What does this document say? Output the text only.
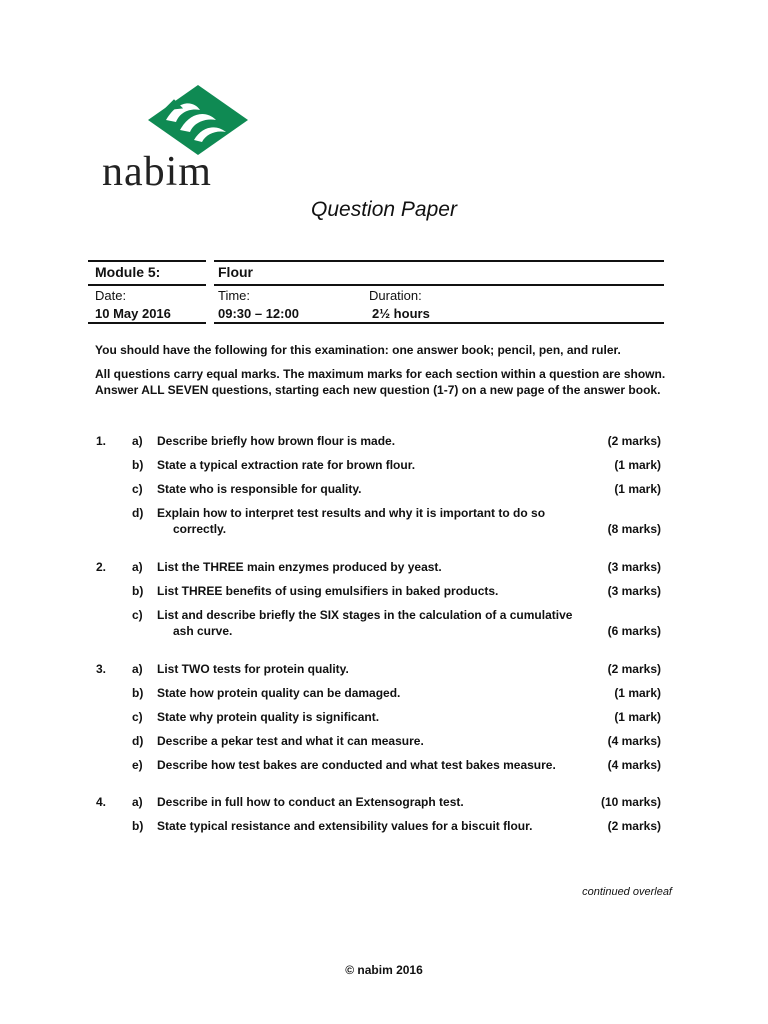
nabim
Question Paper
Module 5:	Flour
Date:	Time:	Duration:
10 May 2016	09:30 – 12:00	2½ hours
You should have the following for this examination: one answer book; pencil, pen, and ruler.
All questions carry equal marks. The maximum marks for each section within a question are shown.
Answer ALL SEVEN questions, starting each new question (1-7) on a new page of the answer book.
1. a) Describe briefly how brown flour is made.	(2 marks)
b) State a typical extraction rate for brown flour.	(1 mark)
c) State who is responsible for quality.	(1 mark)
d) Explain how to interpret test results and why it is important to do so
correctly.	(8 marks)
2. a) List the THREE main enzymes produced by yeast.	(3 marks)
b) List THREE benefits of using emulsifiers in baked products.	(3 marks)
c) List and describe briefly the SIX stages in the calculation of a cumulative
ash curve.	(6 marks)
3. a) List TWO tests for protein quality.	(2 marks)
b) State how protein quality can be damaged.	(1 mark)
c) State why protein quality is significant.	(1 mark)
d) Describe a pekar test and what it can measure.	(4 marks)
e) Describe how test bakes are conducted and what test bakes measure.	(4 marks)
4. a) Describe in full how to conduct an Extensograph test.	(10 marks)
b) State typical resistance and extensibility values for a biscuit flour.	(2 marks)
continued overleaf
© nabim 2016
